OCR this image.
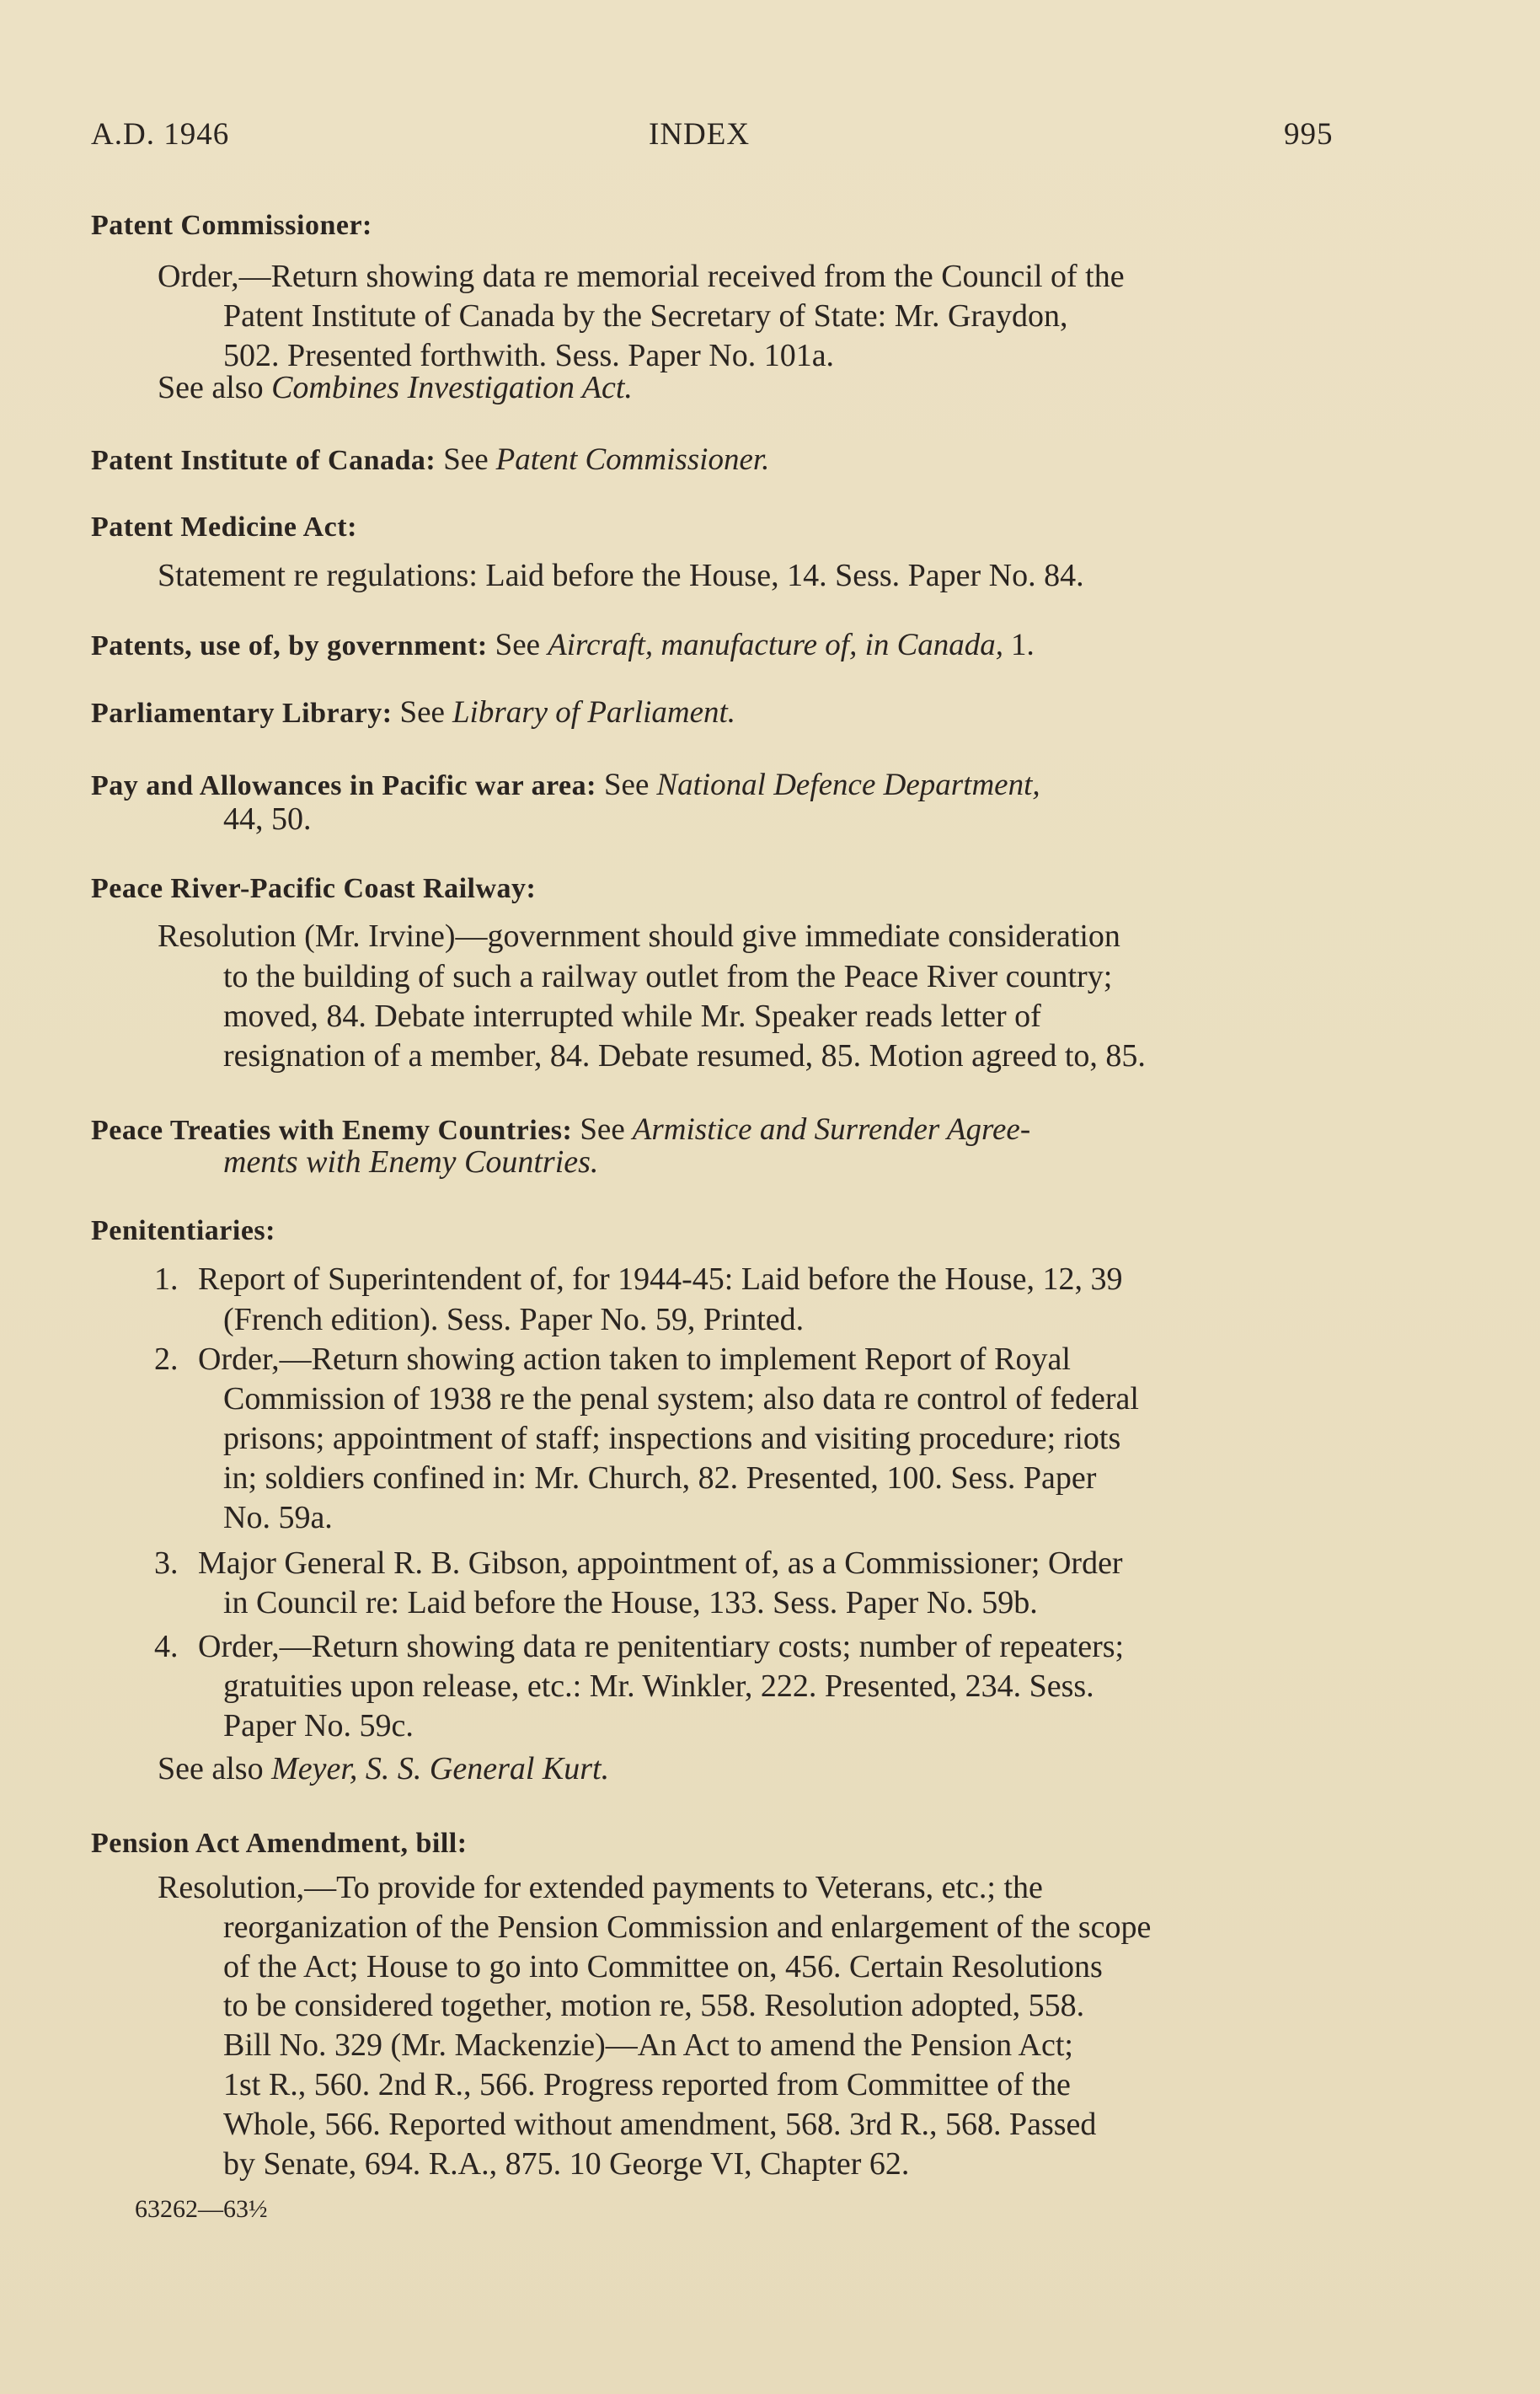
A.D. 1946	INDEX	995
Patent Commissioner:
Order,—Return showing data re memorial received from the Council of the
Patent Institute of Canada by the Secretary of State: Mr. Graydon,
502. Presented forthwith. Sess. Paper No. 101a.
See also Combines Investigation Act.
Patent Institute of Canada: See Patent Commissioner.
Patent Medicine Act:
Statement re regulations: Laid before the House, 14. Sess. Paper No. 84.
Patents, use of, by government: See Aircraft, manufacture of, in Canada, 1.
Parliamentary Library: See Library of Parliament.
Pay and Allowances in Pacific war area: See National Defence Department,
44, 50.
Peace River-Pacific Coast Railway:
Resolution (Mr. Irvine)—government should give immediate consideration
to the building of such a railway outlet from the Peace River country;
moved, 84. Debate interrupted while Mr. Speaker reads letter of
resignation of a member, 84. Debate resumed, 85. Motion agreed to, 85.
Peace Treaties with Enemy Countries: See Armistice and Surrender Agree-
ments with Enemy Countries.
Penitentiaries:
1. Report of Superintendent of, for 1944-45: Laid before the House, 12, 39
(French edition). Sess. Paper No. 59, Printed.
2. Order,—Return showing action taken to implement Report of Royal
Commission of 1938 re the penal system; also data re control of federal
prisons; appointment of staff; inspections and visiting procedure; riots
in; soldiers confined in: Mr. Church, 82. Presented, 100. Sess. Paper
No. 59a.
3. Major General R. B. Gibson, appointment of, as a Commissioner; Order
in Council re: Laid before the House, 133. Sess. Paper No. 59b.
4. Order,—Return showing data re penitentiary costs; number of repeaters;
gratuities upon release, etc.: Mr. Winkler, 222. Presented, 234. Sess.
Paper No. 59c.
See also Meyer, S. S. General Kurt.
Pension Act Amendment, bill:
Resolution,—To provide for extended payments to Veterans, etc.; the
reorganization of the Pension Commission and enlargement of the scope
of the Act; House to go into Committee on, 456. Certain Resolutions
to be considered together, motion re, 558. Resolution adopted, 558.
Bill No. 329 (Mr. Mackenzie)—An Act to amend the Pension Act;
1st R., 560. 2nd R., 566. Progress reported from Committee of the
Whole, 566. Reported without amendment, 568. 3rd R., 568. Passed
by Senate, 694. R.A., 875. 10 George VI, Chapter 62.
63262—63½
